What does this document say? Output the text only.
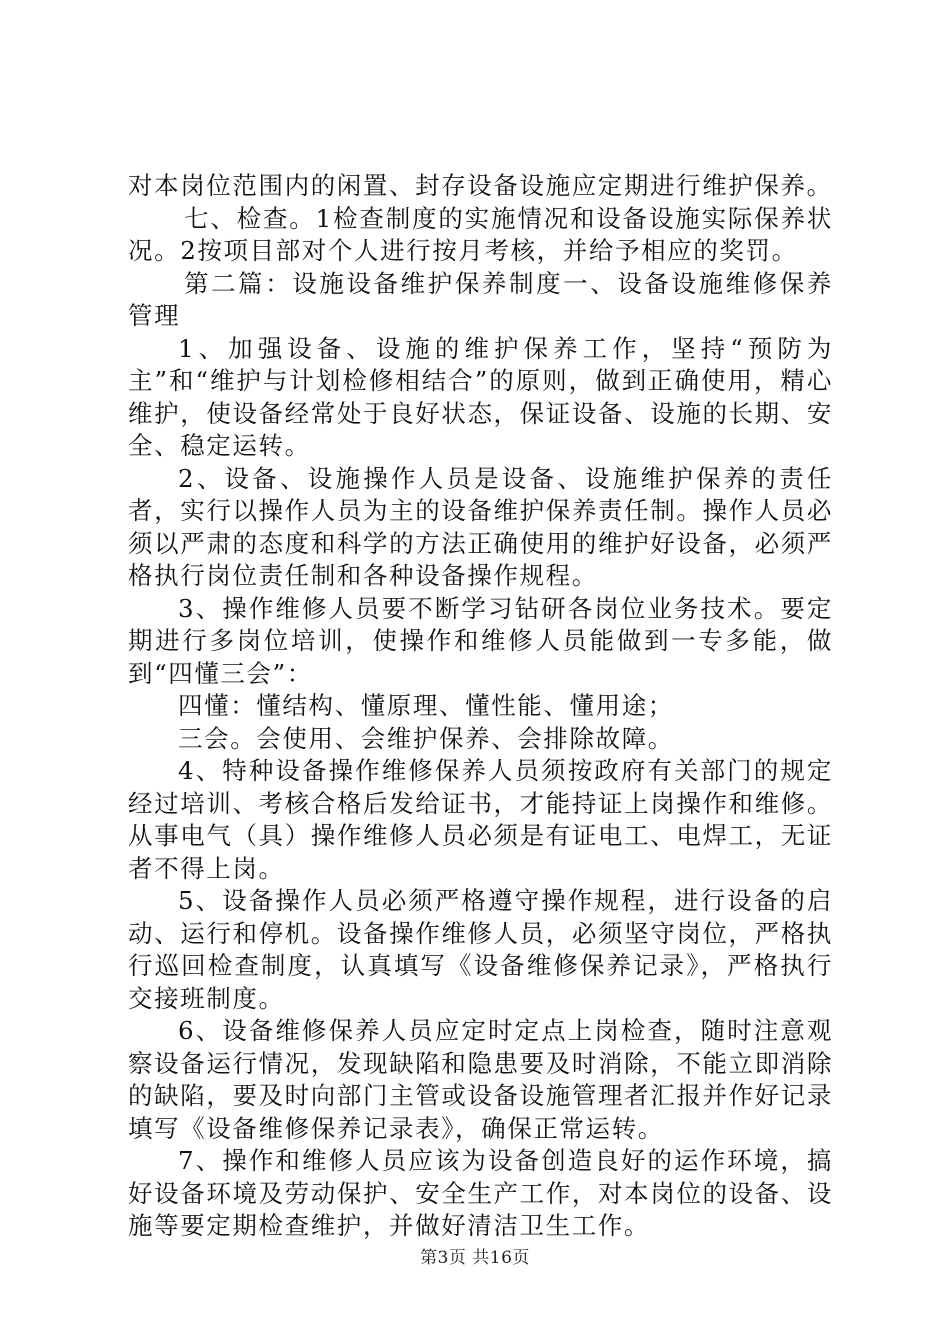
对本岗位范围内的闲置、封存设备设施应定期进行维护保养。

七、检查。1检查制度的实施情况和设备设施实际保养状况。2按项目部对个人进行按月考核，并给予相应的奖罚。

第二篇：设施设备维护保养制度一、设备设施维修保养管理

1、加强设备、设施的维护保养工作，坚持“预防为主”和“维护与计划检修相结合”的原则，做到正确使用，精心维护，使设备经常处于良好状态，保证设备、设施的长期、安全、稳定运转。

2、设备、设施操作人员是设备、设施维护保养的责任者，实行以操作人员为主的设备维护保养责任制。操作人员必须以严肃的态度和科学的方法正确使用的维护好设备，必须严格执行岗位责任制和各种设备操作规程。

3、操作维修人员要不断学习钻研各岗位业务技术。要定期进行多岗位培训，使操作和维修人员能做到一专多能，做到“四懂三会”：

四懂：懂结构、懂原理、懂性能、懂用途；

三会。会使用、会维护保养、会排除故障。

4、特种设备操作维修保养人员须按政府有关部门的规定经过培训、考核合格后发给证书，才能持证上岗操作和维修。从事电气（具）操作维修人员必须是有证电工、电焊工，无证者不得上岗。

5、设备操作人员必须严格遵守操作规程，进行设备的启动、运行和停机。设备操作维修人员，必须坚守岗位，严格执行巡回检查制度，认真填写《设备维修保养记录》，严格执行交接班制度。

6、设备维修保养人员应定时定点上岗检查，随时注意观察设备运行情况，发现缺陷和隐患要及时消除，不能立即消除的缺陷，要及时向部门主管或设备设施管理者汇报并作好记录填写《设备维修保养记录表》，确保正常运转。

7、操作和维修人员应该为设备创造良好的运作环境，搞好设备环境及劳动保护、安全生产工作，对本岗位的设备、设施等要定期检查维护，并做好清洁卫生工作。

第3页 共16页
